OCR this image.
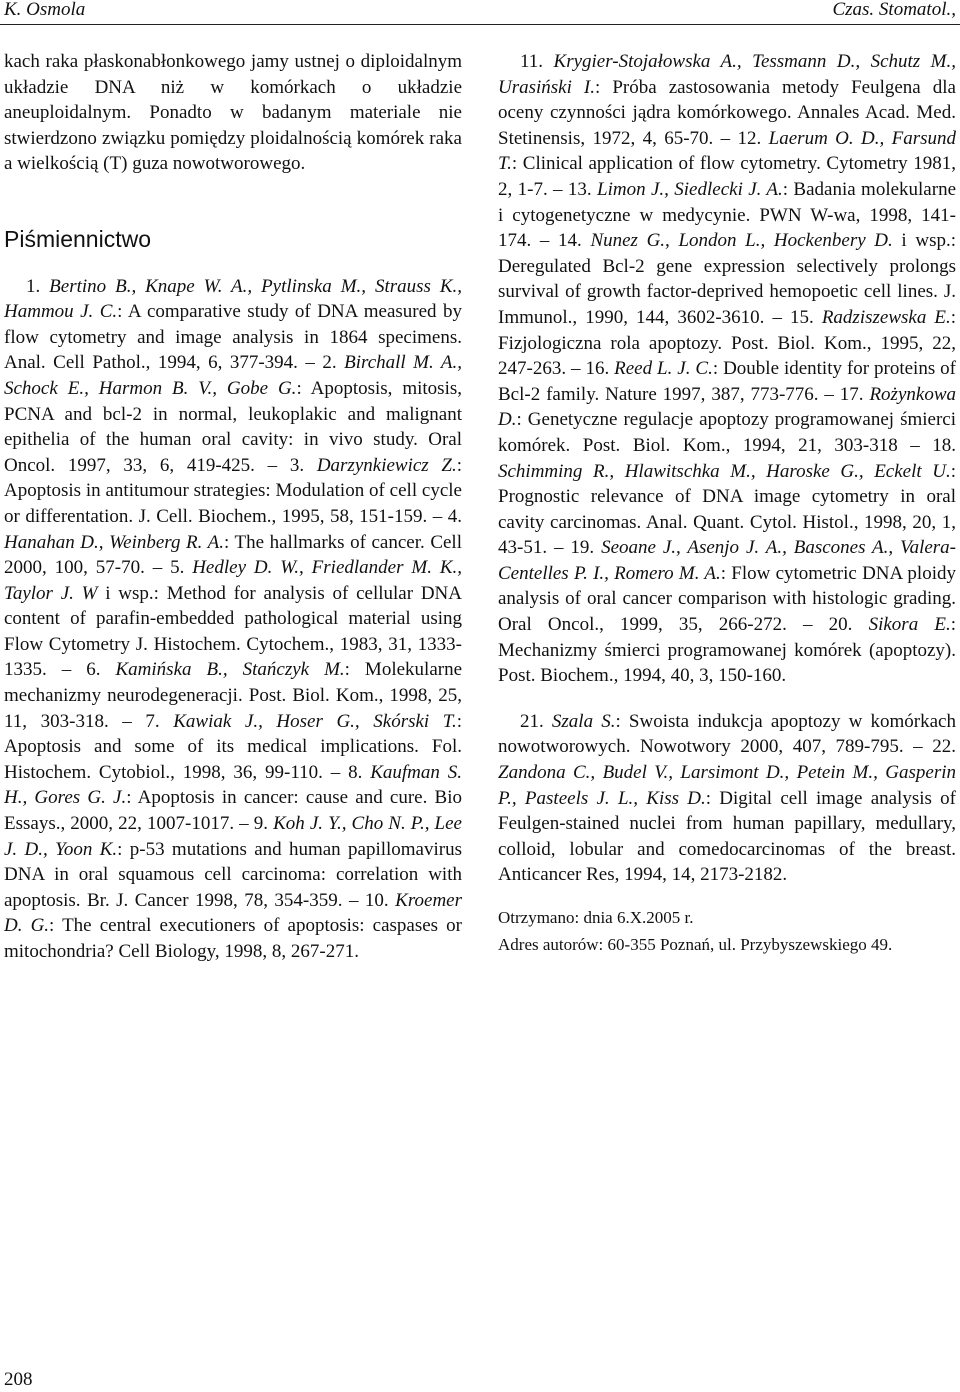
K. Osmola	Czas. Stomatol.,

kach raka płaskonabłonkowego jamy ustnej o diploidalnym układzie DNA niż w komórkach o układzie aneuploidalnym. Ponadto w badanym materiale nie stwierdzono związku pomiędzy ploidalnością komórek raka a wielkością (T) guza nowotworowego.

Piśmiennictwo

1. Bertino B., Knape W. A., Pytlinska M., Strauss K., Hammou J. C.: A comparative study of DNA measured by flow cytometry and image analysis in 1864 specimens. Anal. Cell Pathol., 1994, 6, 377-394. – 2. Birchall M. A., Schock E., Harmon B. V., Gobe G.: Apoptosis, mitosis, PCNA and bcl-2 in normal, leukoplakic and malignant epithelia of the human oral cavity: in vivo study. Oral Oncol. 1997, 33, 6, 419-425. – 3. Darzynkiewicz Z.: Apoptosis in antitumour strategies: Modulation of cell cycle or differentation. J. Cell. Biochem., 1995, 58, 151-159. – 4. Hanahan D., Weinberg R. A.: The hallmarks of cancer. Cell 2000, 100, 57-70. – 5. Hedley D. W., Friedlander M. K., Taylor J. W i wsp.: Method for analysis of cellular DNA content of parafin-embedded pathological material using Flow Cytometry J. Histochem. Cytochem., 1983, 31, 1333-1335. – 6. Kamińska B., Stańczyk M.: Molekularne mechanizmy neurodegeneracji. Post. Biol. Kom., 1998, 25, 11, 303-318. – 7. Kawiak J., Hoser G., Skórski T.: Apoptosis and some of its medical implications. Fol. Histochem. Cytobiol., 1998, 36, 99-110. – 8. Kaufman S. H., Gores G. J.: Apoptosis in cancer: cause and cure. Bio Essays., 2000, 22, 1007-1017. – 9. Koh J. Y., Cho N. P., Lee J. D., Yoon K.: p-53 mutations and human papillomavirus DNA in oral squamous cell carcinoma: correlation with apoptosis. Br. J. Cancer 1998, 78, 354-359. – 10. Kroemer D. G.: The central executioners of apoptosis: caspases or mitochondria? Cell Biology, 1998, 8, 267-271.

11. Krygier-Stojałowska A., Tessmann D., Schutz M., Urasiński I.: Próba zastosowania metody Feulgena dla oceny czynności jądra komórkowego. Annales Acad. Med. Stetinensis, 1972, 4, 65-70. – 12. Laerum O. D., Farsund T.: Clinical application of flow cytometry. Cytometry 1981, 2, 1-7. – 13. Limon J., Siedlecki J. A.: Badania molekularne i cytogenetyczne w medycynie. PWN W-wa, 1998, 141-174. – 14. Nunez G., London L., Hockenbery D. i wsp.: Deregulated Bcl-2 gene expression selectively prolongs survival of growth factor-deprived hemopoetic cell lines. J. Immunol., 1990, 144, 3602-3610. – 15. Radziszewska E.: Fizjologiczna rola apoptozy. Post. Biol. Kom., 1995, 22, 247-263. – 16. Reed L. J. C.: Double identity for proteins of Bcl-2 family. Nature 1997, 387, 773-776. – 17. Rożynkowa D.: Genetyczne regulacje apoptozy programowanej śmierci komórek. Post. Biol. Kom., 1994, 21, 303-318 – 18. Schimming R., Hlawitschka M., Haroske G., Eckelt U.: Prognostic relevance of DNA image cytometry in oral cavity carcinomas. Anal. Quant. Cytol. Histol., 1998, 20, 1, 43-51. – 19. Seoane J., Asenjo J. A., Bascones A., Valera-Centelles P. I., Romero M. A.: Flow cytometric DNA ploidy analysis of oral cancer comparison with histologic grading. Oral Oncol., 1999, 35, 266-272. – 20. Sikora E.: Mechanizmy śmierci programowanej komórek (apoptozy). Post. Biochem., 1994, 40, 3, 150-160.

21. Szala S.: Swoista indukcja apoptozy w komórkach nowotworowych. Nowotwory 2000, 407, 789-795. – 22. Zandona C., Budel V., Larsimont D., Petein M., Gasperin P., Pasteels J. L., Kiss D.: Digital cell image analysis of Feulgen-stained nuclei from human papillary, medullary, colloid, lobular and comedocarcinomas of the breast. Anticancer Res, 1994, 14, 2173-2182.

Otrzymano: dnia 6.X.2005 r.

Adres autorów: 60-355 Poznań, ul. Przybyszewskiego 49.

208
